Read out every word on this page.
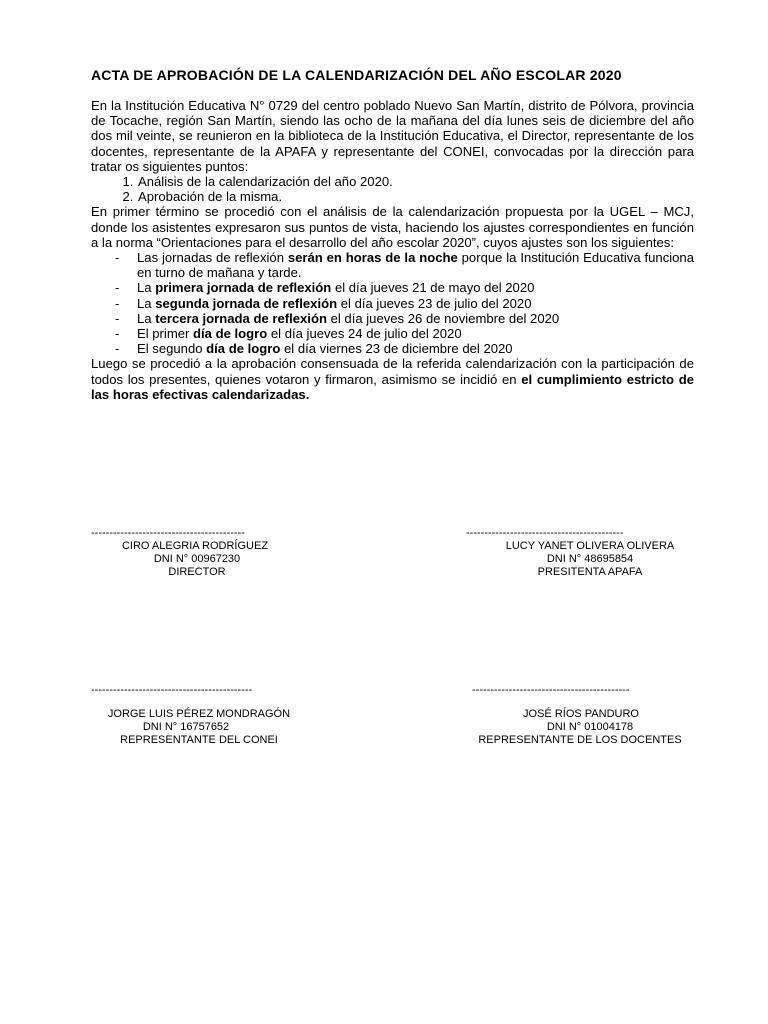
ACTA DE APROBACIÓN DE LA CALENDARIZACIÓN DEL AÑO ESCOLAR 2020

En la Institución Educativa N° 0729 del centro poblado Nuevo San Martín, distrito de Pólvora, provincia de Tocache, región San Martín, siendo las ocho de la mañana del día lunes seis de diciembre del año dos mil veinte, se reunieron en la biblioteca de la Institución Educativa, el Director, representante de los docentes, representante de la APAFA y representante del CONEI, convocadas por la dirección para tratar os siguientes puntos:

1. Análisis de la calendarización del año 2020.
2. Aprobación de la misma.

En primer término se procedió con el análisis de la calendarización propuesta por la UGEL – MCJ, donde los asistentes expresaron sus puntos de vista, haciendo los ajustes correspondientes en función a la norma “Orientaciones para el desarrollo del año escolar 2020”, cuyos ajustes son los siguientes:

- Las jornadas de reflexión serán en horas de la noche porque la Institución Educativa funciona en turno de mañana y tarde.
- La primera jornada de reflexión el día jueves 21 de mayo del 2020
- La segunda jornada de reflexión el día jueves 23 de julio del 2020
- La tercera jornada de reflexión el día jueves 26 de noviembre del 2020
- El primer día de logro el día jueves 24 de julio del 2020
- El segundo día de logro el día viernes 23 de diciembre del 2020

Luego se procedió a la aprobación consensuada de la referida calendarización con la participación de todos los presentes, quienes votaron y firmaron, asimismo se incidió en el cumplimiento estricto de las horas efectivas calendarizadas.

------------------------------------------
CIRO ALEGRIA RODRÍGUEZ
DNI N° 00967230
DIRECTOR
-------------------------------------------
LUCY YANET OLIVERA OLIVERA
DNI N° 48695854
PRESITENTA APAFA
--------------------------------------------
JORGE LUIS PÉREZ MONDRAGÓN
DNI N° 16757652
REPRESENTANTE DEL CONEI
-------------------------------------------
JOSÉ RÍOS PANDURO
DNI N° 01004178
REPRESENTANTE DE LOS DOCENTES
